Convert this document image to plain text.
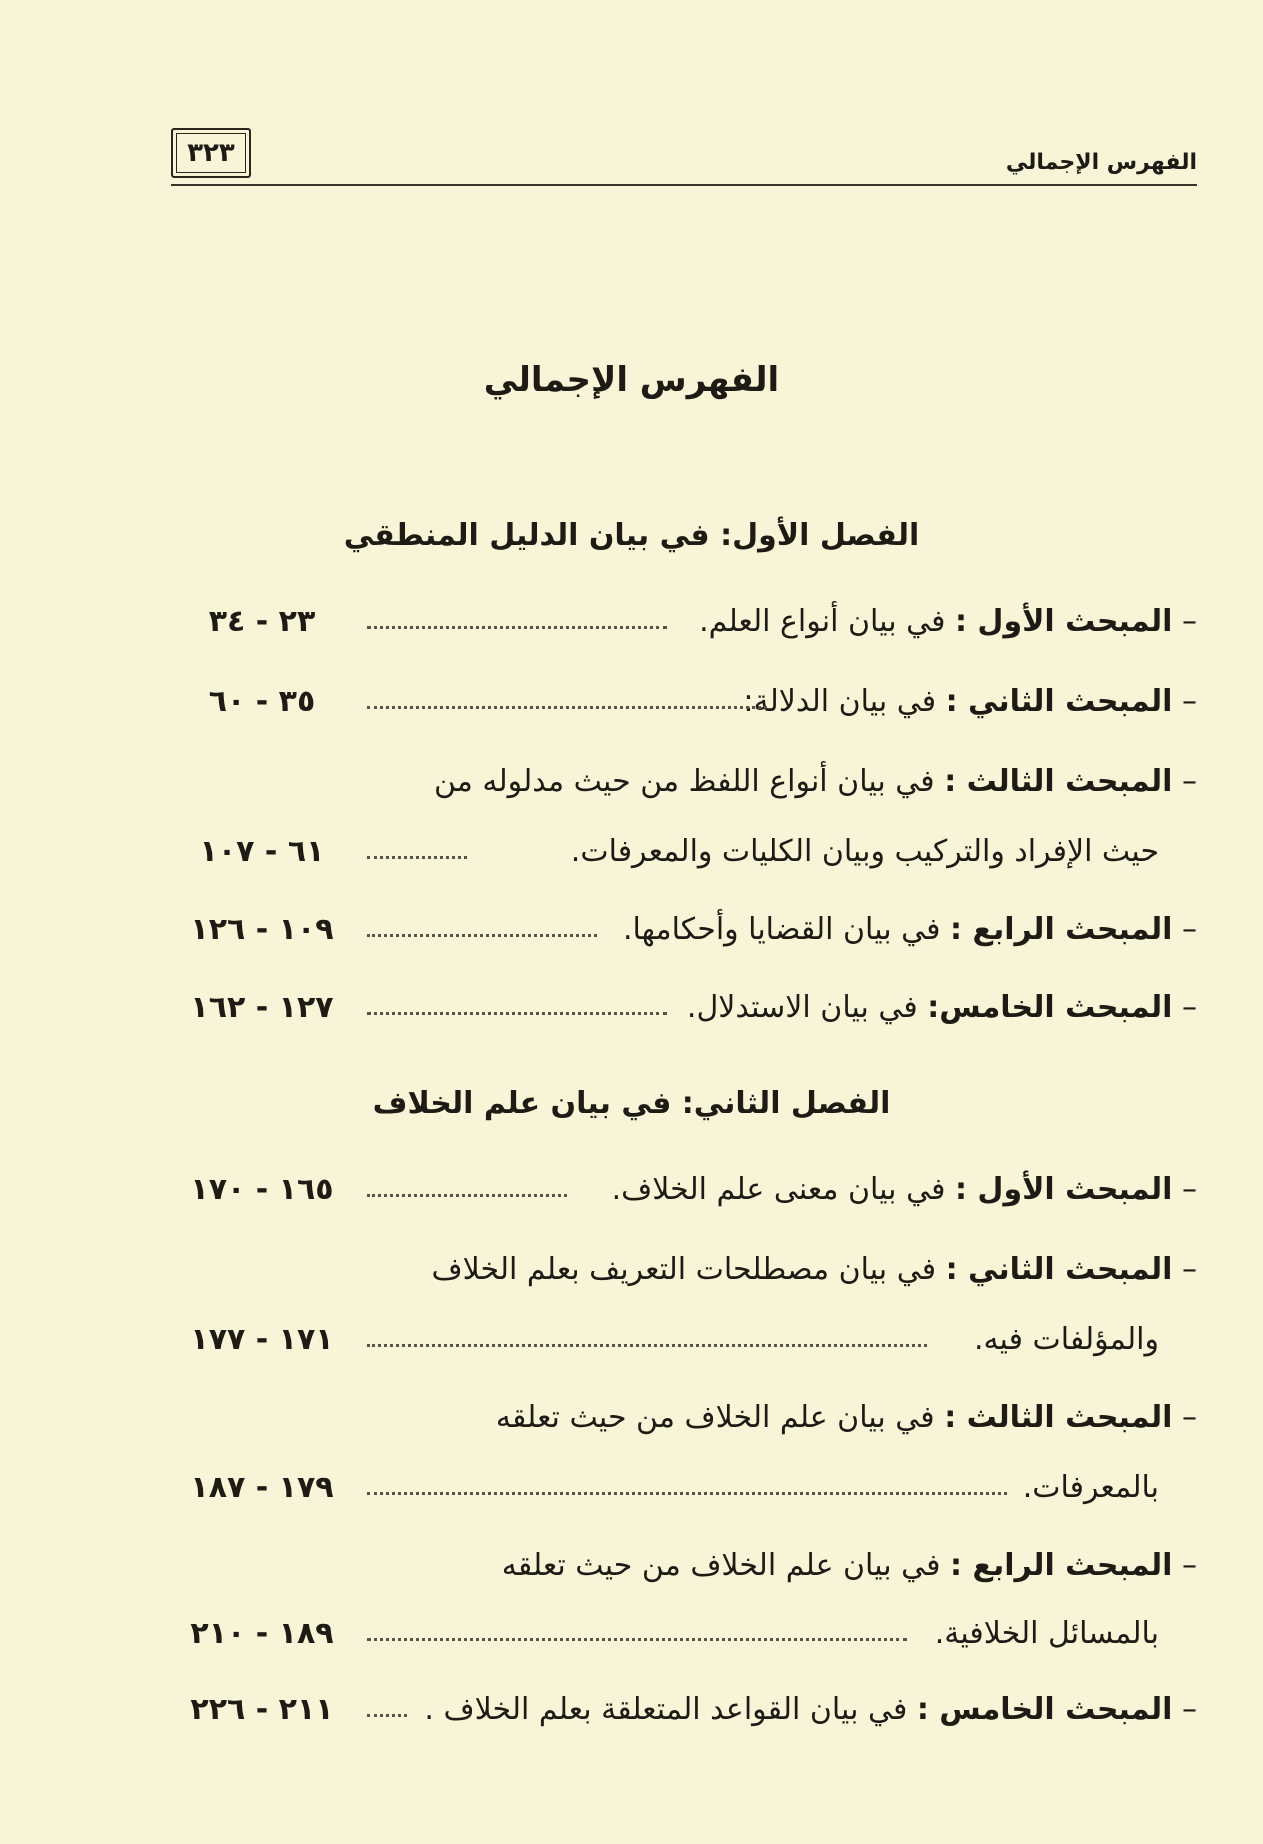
الفهرس الإجمالي
٣٢٣
الفهرس الإجمالي
الفصل الأول: في بيان الدليل المنطقي
– المبحث الأول : في بيان أنواع العلم.
٢٣ - ٣٤
– المبحث الثاني : في بيان الدلالة:
٣٥ - ٦٠
– المبحث الثالث : في بيان أنواع اللفظ من حيث مدلوله من
حيث الإفراد والتركيب وبيان الكليات والمعرفات.
٦١ - ١٠٧
– المبحث الرابع : في بيان القضايا وأحكامها.
١٠٩ - ١٢٦
– المبحث الخامس: في بيان الاستدلال.
١٢٧ - ١٦٢
الفصل الثاني: في بيان علم الخلاف
– المبحث الأول : في بيان معنى علم الخلاف.
١٦٥ - ١٧٠
– المبحث الثاني : في بيان مصطلحات التعريف بعلم الخلاف
والمؤلفات فيه.
١٧١ - ١٧٧
– المبحث الثالث : في بيان علم الخلاف من حيث تعلقه
بالمعرفات.
١٧٩ - ١٨٧
– المبحث الرابع : في بيان علم الخلاف من حيث تعلقه
بالمسائل الخلافية.
١٨٩ - ٢١٠
– المبحث الخامس : في بيان القواعد المتعلقة بعلم الخلاف .
٢١١ - ٢٢٦
